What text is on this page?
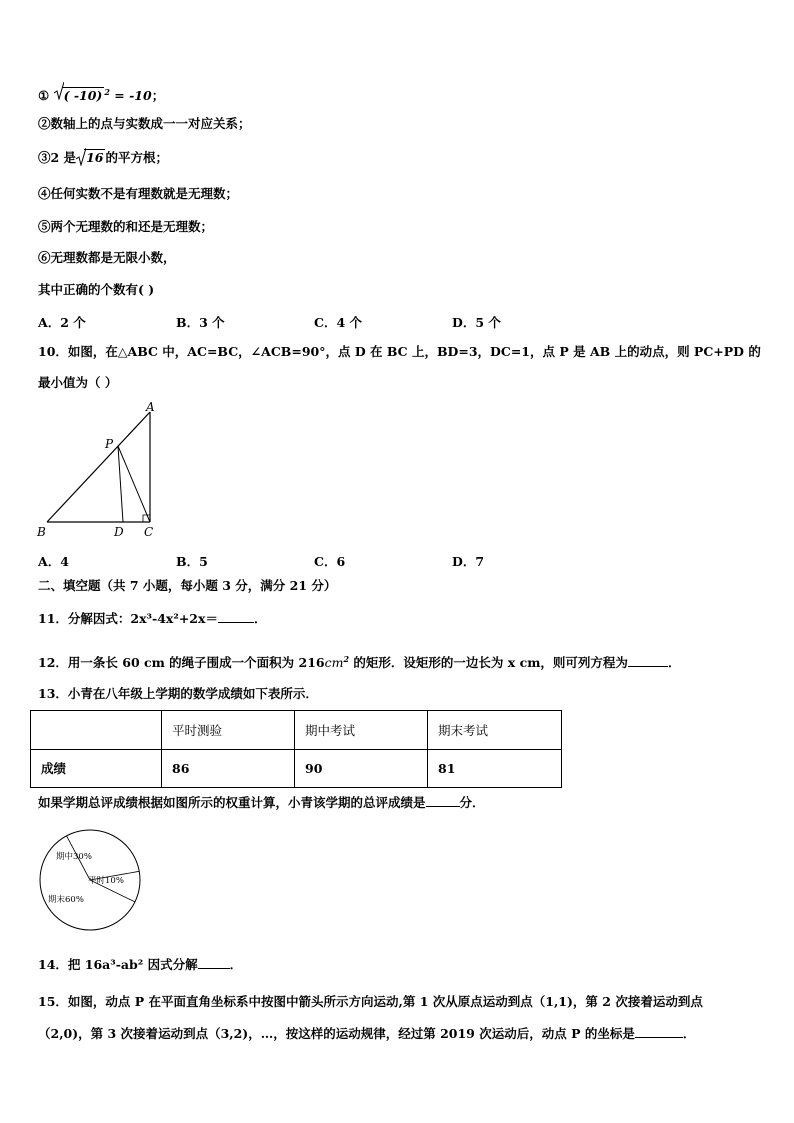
① ( -10) $^2$ = -10；
②数轴上的点与实数成一一对应关系；
③2 是 16 的平方根；
④任何实数不是有理数就是无理数；
⑤两个无理数的和还是无理数；
⑥无理数都是无限小数，
其中正确的个数有( )
A．2 个	B．3 个	C．4 个	D．5 个
10．如图，在△ABC 中，AC=BC，∠ACB=90°，点 D 在 BC 上，BD=3，DC=1，点 P 是 AB 上的动点，则 PC+PD 的
最小值为（ ）
A
B	C
D
P
A．4	B．5	C．6	D．7
二、填空题（共 7 小题，每小题 3 分，满分 21 分）
11．分解因式：2x³-4x²+2x＝	．
12．用一条长 60 cm 的绳子围成一个面积为 $216cm^2$ 的矩形．设矩形的一边长为 x cm，则可列方程为	．
13．小青在八年级上学期的数学成绩如下表所示．
	平时测验	期中考试	期末考试
成绩	86	90	81
如果学期总评成绩根据如图所示的权重计算，小青该学期的总评成绩是	分．
期中30%
平时10%
期末60%
14．把 16a³-ab² 因式分解	．
15．如图，动点 P 在平面直角坐标系中按图中箭头所示方向运动,第 1 次从原点运动到点（1,1)，第 2 次接着运动到点
（2,0)，第 3 次接着运动到点（3,2)，…，按这样的运动规律，经过第 2019 次运动后，动点 P 的坐标是	．
